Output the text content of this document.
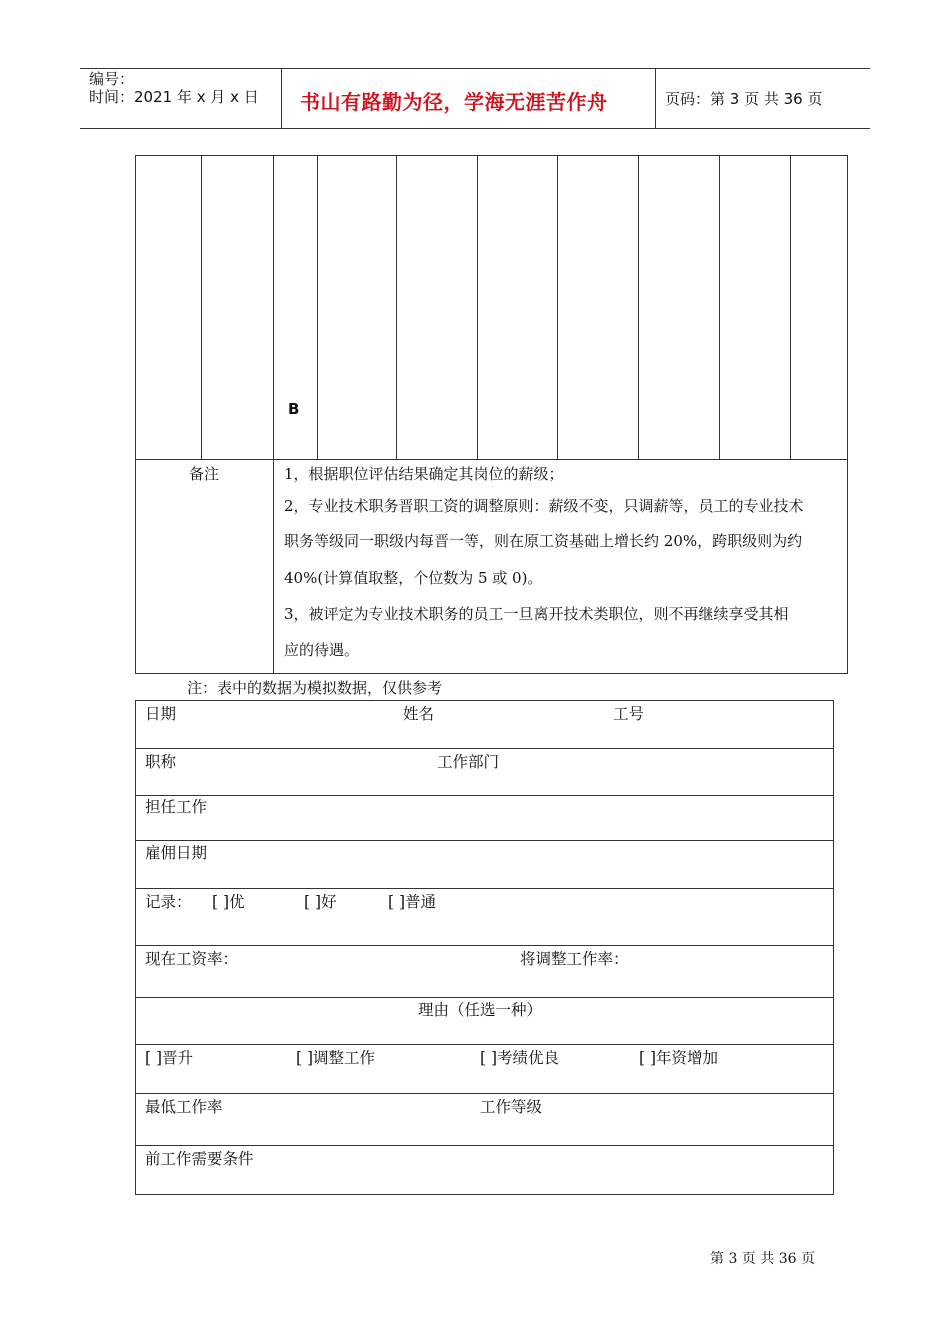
编号：
时间：2021 年 x 月 x 日 书山有路勤为径，学海无涯苦作舟	页码：第 3 页 共 36 页
B
备注	1，根据职位评估结果确定其岗位的薪级；
2，专业技术职务晋职工资的调整原则：薪级不变，只调薪等，员工的专业技术
职务等级同一职级内每晋一等，则在原工资基础上增长约 20%，跨职级则为约
40%(计算值取整，个位数为 5 或 0)。
3，被评定为专业技术职务的员工一旦离开技术类职位，则不再继续享受其相
应的待遇。
注：表中的数据为模拟数据，仅供参考
日期	姓名	工号
职称	工作部门
担任工作
雇佣日期
记录： [ ]优	[ ]好	[ ]普通
现在工资率：	将调整工作率：
理由（任选一种）
[ ]晋升	[ ]调整工作	[ ]考绩优良	[ ]年资增加
最低工作率	工作等级
前工作需要条件
第 3 页 共 36 页
